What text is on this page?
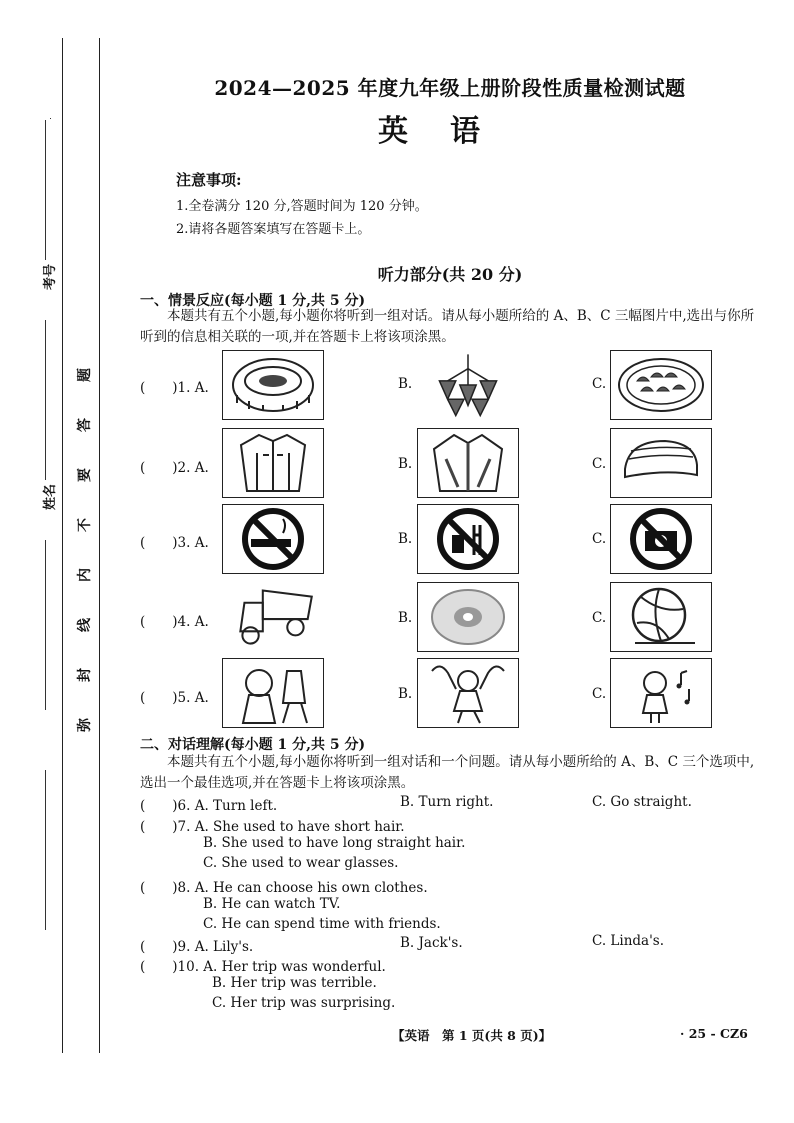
考号
姓名
题
答
要
不
内
线
封
弥
2024—2025 年度九年级上册阶段性质量检测试题
英语
注意事项:
1.全卷满分 120 分,答题时间为 120 分钟。
2.请将各题答案填写在答题卡上。
听力部分(共 20 分)
一、情景反应(每小题 1 分,共 5 分)
本题共有五个小题,每小题你将听到一组对话。请从每小题所给的 A、B、C 三幅图片中,选出与你所听到的信息相关联的一项,并在答题卡上将该项涂黑。
(　　)1. A.	B.	C.
(　　)2. A.	B.	C.
(　　)3. A.	B.	C.
(　　)4. A.	B.	C.
(　　)5. A.	B.	C.
二、对话理解(每小题 1 分,共 5 分)
本题共有五个小题,每小题你将听到一组对话和一个问题。请从每小题所给的 A、B、C 三个选项中,选出一个最佳选项,并在答题卡上将该项涂黑。
(　　)6. A. Turn left.	B. Turn right.	C. Go straight.
(　　)7. A. She used to have short hair.
B. She used to have long straight hair.
C. She used to wear glasses.
(　　)8. A. He can choose his own clothes.
B. He can watch TV.
C. He can spend time with friends.
(　　)9. A. Lily's.	B. Jack's.	C. Linda's.
(　　)10. A. Her trip was wonderful.
B. Her trip was terrible.
C. Her trip was surprising.
【英语　第 1 页(共 8 页)】	· 25 - CZ6
